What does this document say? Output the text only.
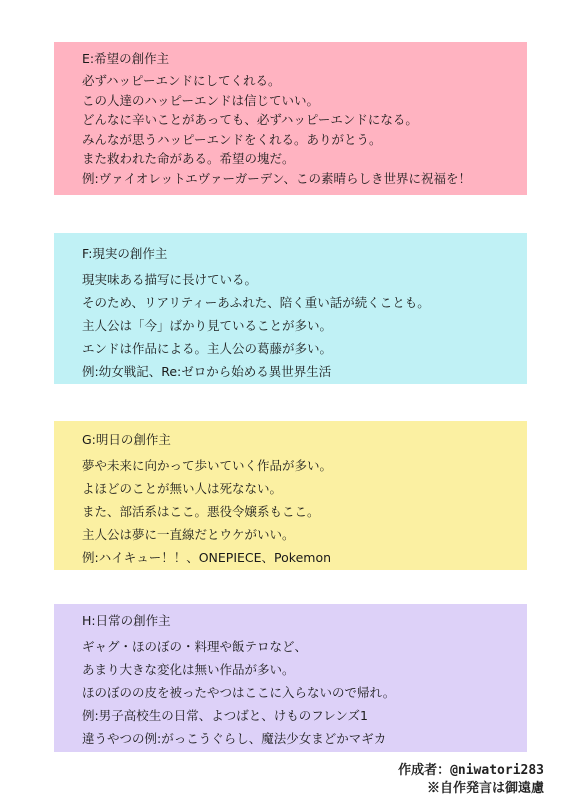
E:希望の創作主

必ずハッピーエンドにしてくれる。

この人達のハッピーエンドは信じていい。

どんなに辛いことがあっても、必ずハッピーエンドになる。

みんなが思うハッピーエンドをくれる。ありがとう。

また救われた命がある。希望の塊だ。

例:ヴァイオレットエヴァーガーデン、この素晴らしき世界に祝福を！

F:現実の創作主

現実味ある描写に長けている。

そのため、リアリティーあふれた、陪く重い話が続くことも。

主人公は「今」ばかり見ていることが多い。

エンドは作品による。主人公の葛藤が多い。

例:幼女戦記、Re:ゼロから始める異世界生活

G:明日の創作主

夢や未来に向かって歩いていく作品が多い。

よほどのことが無い人は死なない。

また、部活系はここ。悪役令嬢系もここ。

主人公は夢に一直線だとウケがいい。

例:ハイキュー！！、ONEPIECE、Pokemon

H:日常の創作主

ギャグ・ほのぼの・料理や飯テロなど、

あまり大きな変化は無い作品が多い。

ほのぼのの皮を被ったやつはここに入らないので帰れ。

例:男子高校生の日常、よつばと、けものフレンズ1

違うやつの例:がっこうぐらし、魔法少女まどかマギカ

作成者：@niwatori283
※自作発言は御遠慮
